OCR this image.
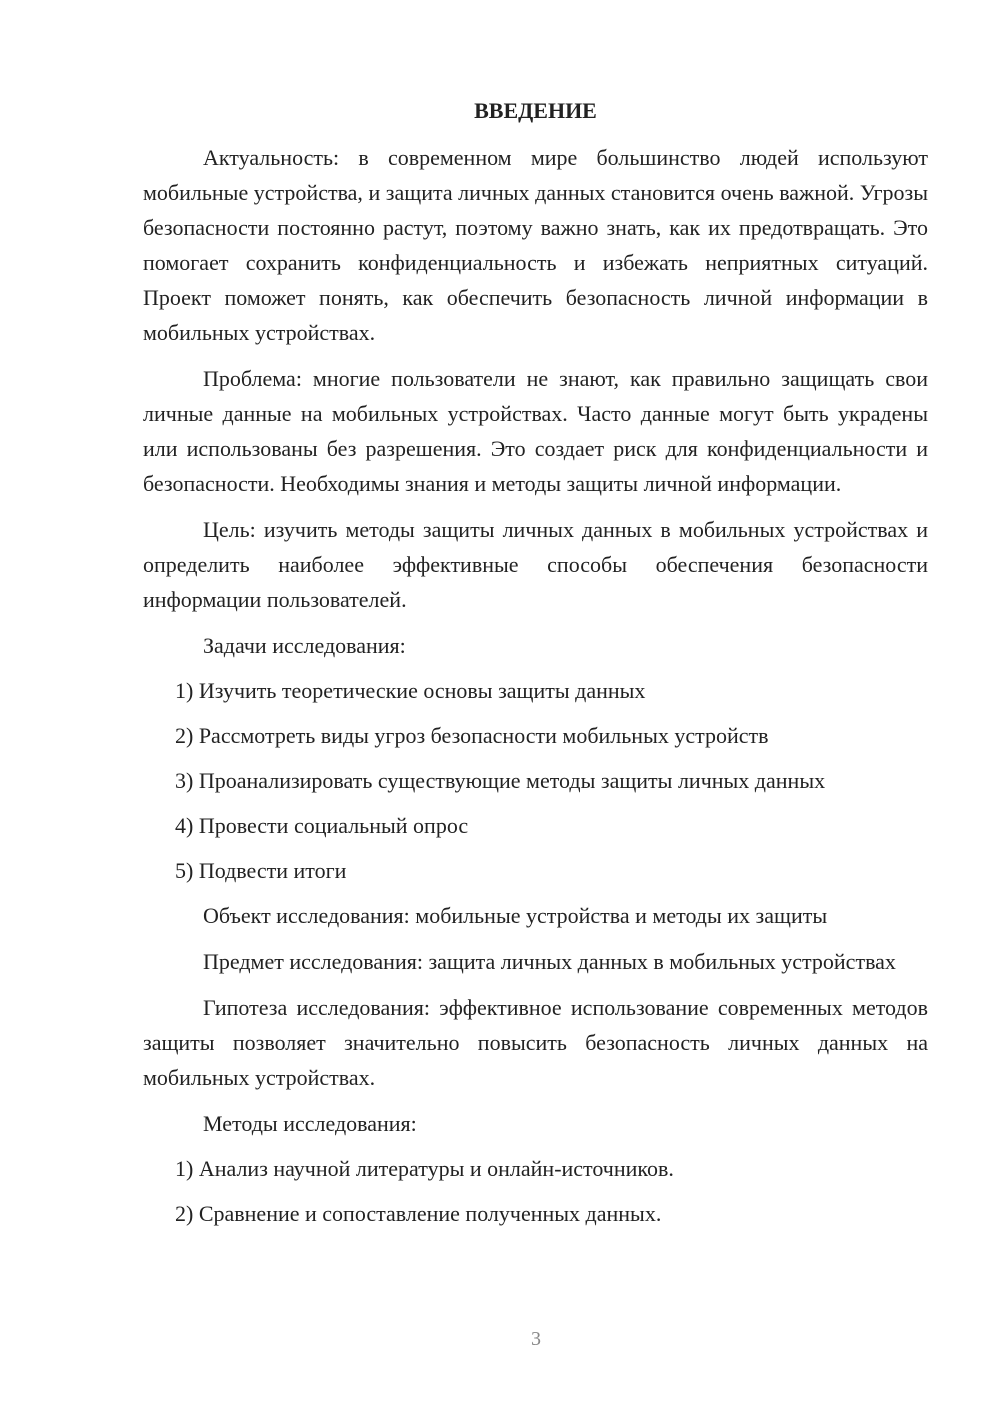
ВВЕДЕНИЕ

Актуальность: в современном мире большинство людей используют мобильные устройства, и защита личных данных становится очень важной. Угрозы безопасности постоянно растут, поэтому важно знать, как их предотвращать. Это помогает сохранить конфиденциальность и избежать неприятных ситуаций. Проект поможет понять, как обеспечить безопасность личной информации в мобильных устройствах.

Проблема: многие пользователи не знают, как правильно защищать свои личные данные на мобильных устройствах. Часто данные могут быть украдены или использованы без разрешения. Это создает риск для конфиденциальности и безопасности. Необходимы знания и методы защиты личной информации.

Цель: изучить методы защиты личных данных в мобильных устройствах и определить наиболее эффективные способы обеспечения безопасности информации пользователей.

Задачи исследования:
1) Изучить теоретические основы защиты данных
2) Рассмотреть виды угроз безопасности мобильных устройств
3) Проанализировать существующие методы защиты личных данных
4) Провести социальный опрос
5) Подвести итоги

Объект исследования: мобильные устройства и методы их защиты

Предмет исследования: защита личных данных в мобильных устройствах

Гипотеза исследования: эффективное использование современных методов защиты позволяет значительно повысить безопасность личных данных на мобильных устройствах.

Методы исследования:
1) Анализ научной литературы и онлайн-источников.
2) Сравнение и сопоставление полученных данных.
3
